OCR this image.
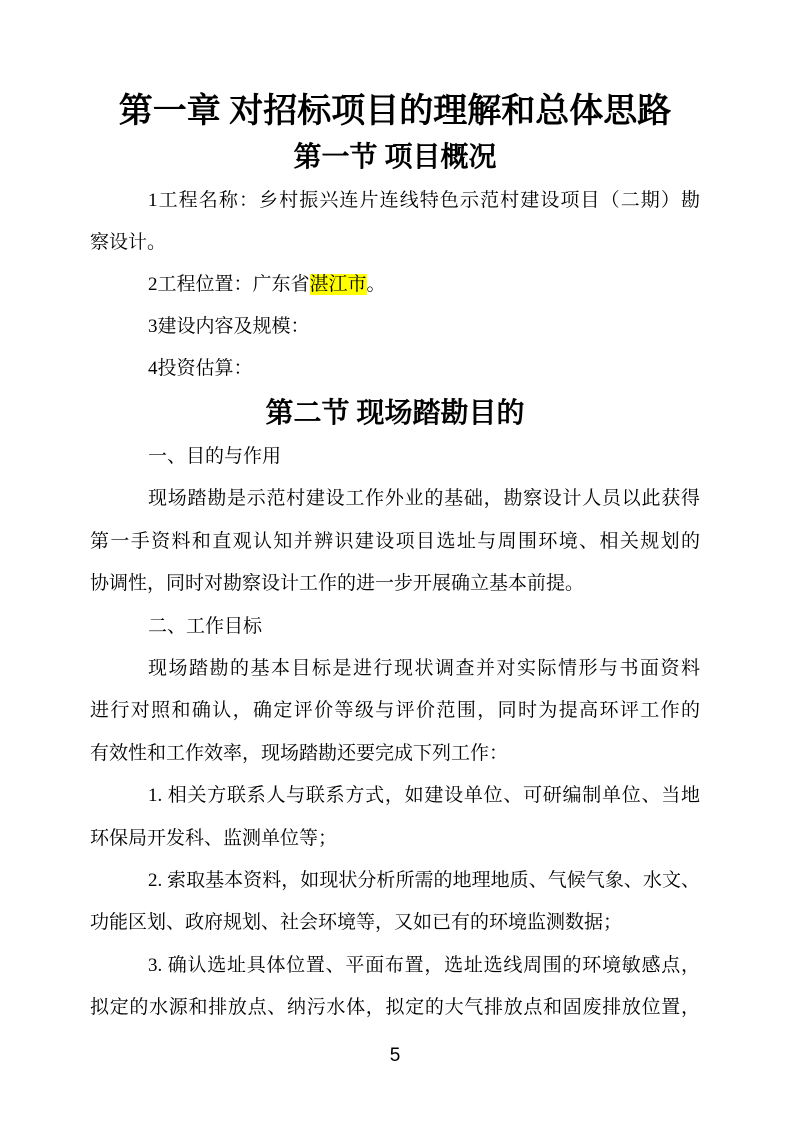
第一章 对招标项目的理解和总体思路
第一节 项目概况
1工程名称：乡村振兴连片连线特色示范村建设项目（二期）勘
察设计。
2工程位置：广东省湛江市。
3建设内容及规模：
4投资估算：
第二节 现场踏勘目的
一、目的与作用
现场踏勘是示范村建设工作外业的基础，勘察设计人员以此获得
第一手资料和直观认知并辨识建设项目选址与周围环境、相关规划的
协调性，同时对勘察设计工作的进一步开展确立基本前提。
二、工作目标
现场踏勘的基本目标是进行现状调查并对实际情形与书面资料
进行对照和确认，确定评价等级与评价范围，同时为提高环评工作的
有效性和工作效率，现场踏勘还要完成下列工作：
1. 相关方联系人与联系方式，如建设单位、可研编制单位、当地
环保局开发科、监测单位等；
2. 索取基本资料，如现状分析所需的地理地质、气候气象、水文、
功能区划、政府规划、社会环境等，又如已有的环境监测数据；
3. 确认选址具体位置、平面布置，选址选线周围的环境敏感点，
拟定的水源和排放点、纳污水体，拟定的大气排放点和固废排放位置，
5
